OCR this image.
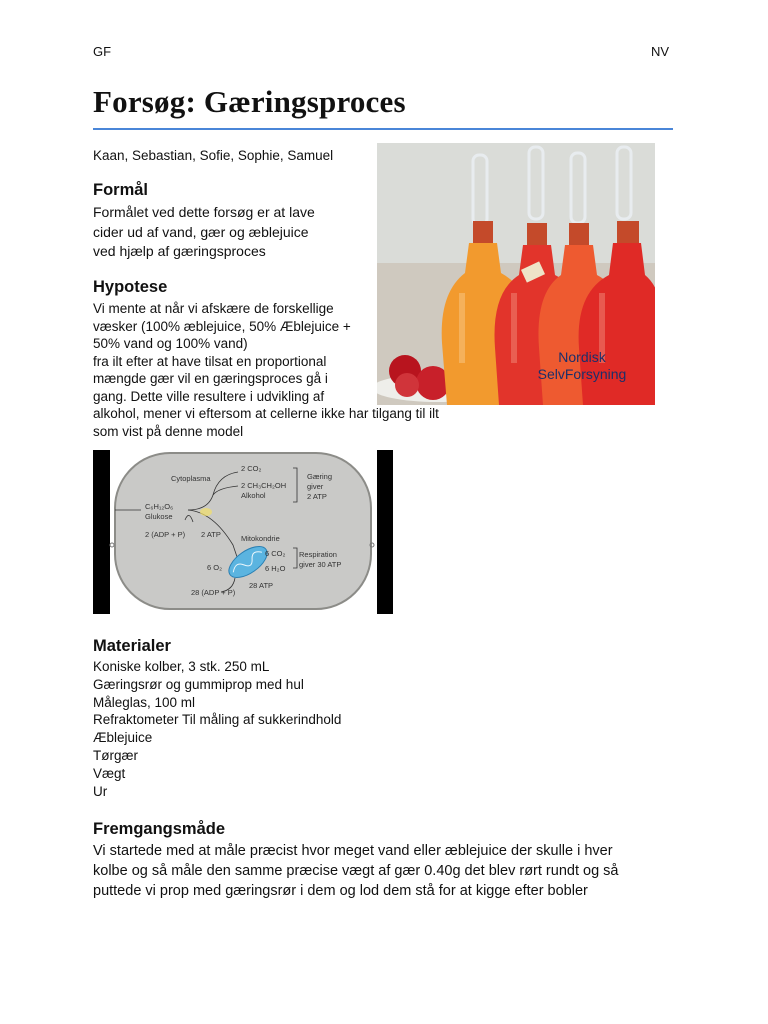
GF	NV
Forsøg: Gæringsproces
Kaan, Sebastian, Sofie, Sophie, Samuel
Formål
Formålet ved dette forsøg er at lave
cider ud af vand, gær og æblejuice
ved hjælp af gæringsproces
Hypotese
Vi mente at når vi afskære de forskellige
væsker (100% æblejuice, 50% Æblejuice +
50% vand og 100% vand)
fra ilt efter at have tilsat en proportional
mængde gær vil en gæringsproces gå i
gang. Dette ville resultere i udvikling af
alkohol, mener vi eftersom at cellerne ikke har tilgang til ilt
som vist på denne model
Nordisk
SelvForsyning
Cytoplasma
2 CO₂
2 CH₃CH₂OH
Alkohol
Gæring
giver
2 ATP
C₆H₁₂O₆
Glukose
2 (ADP + P) 2 ATP	Mitokondrie
6 CO₂
6 O₂	6 H₂O
Respiration
giver 30 ATP
28 ATP
28 (ADP + P)
Materialer
Koniske kolber, 3 stk. 250 mL
Gæringsrør og gummiprop med hul
Måleglas, 100 ml
Refraktometer Til måling af sukkerindhold
Æblejuice
Tørgær
Vægt
Ur
Fremgangsmåde
Vi startede med at måle præcist hvor meget vand eller æblejuice der skulle i hver
kolbe og så måle den samme præcise vægt af gær 0.40g det blev rørt rundt og så
puttede vi prop med gæringsrør i dem og lod dem stå for at kigge efter bobler
